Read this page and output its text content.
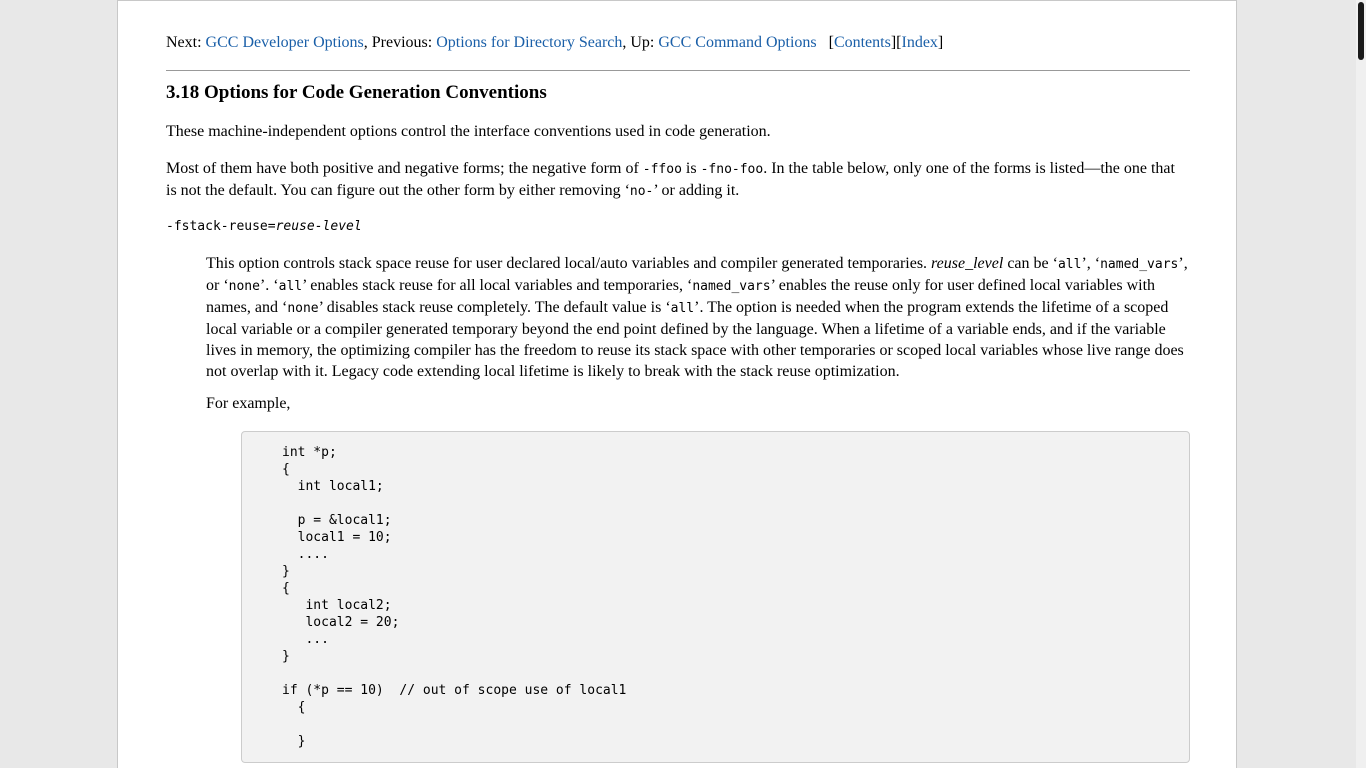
Next: GCC Developer Options, Previous: Options for Directory Search, Up: GCC Command Options [Contents][Index]
3.18 Options for Code Generation Conventions

These machine-independent options control the interface conventions used in code generation.

Most of them have both positive and negative forms; the negative form of -ffoo is -fno-foo. In the table below, only one of the forms is listed—the one that is not the default. You can figure out the other form by either removing ‘no-’ or adding it.

-fstack-reuse=reuse-level

This option controls stack space reuse for user declared local/auto variables and compiler generated temporaries. reuse_level can be ‘all’, ‘named_vars’, or ‘none’. ‘all’ enables stack reuse for all local variables and temporaries, ‘named_vars’ enables the reuse only for user defined local variables with names, and ‘none’ disables stack reuse completely. The default value is ‘all’. The option is needed when the program extends the lifetime of a scoped local variable or a compiler generated temporary beyond the end point defined by the language. When a lifetime of a variable ends, and if the variable lives in memory, the optimizing compiler has the freedom to reuse its stack space with other temporaries or scoped local variables whose live range does not overlap with it. Legacy code extending local lifetime is likely to break with the stack reuse optimization.

For example,

int *p;
{
int local1;

p = &local1;
local1 = 10;
....
}
{
int local2;
local2 = 20;
...
}

if (*p == 10)  // out of scope use of local1
{

}
